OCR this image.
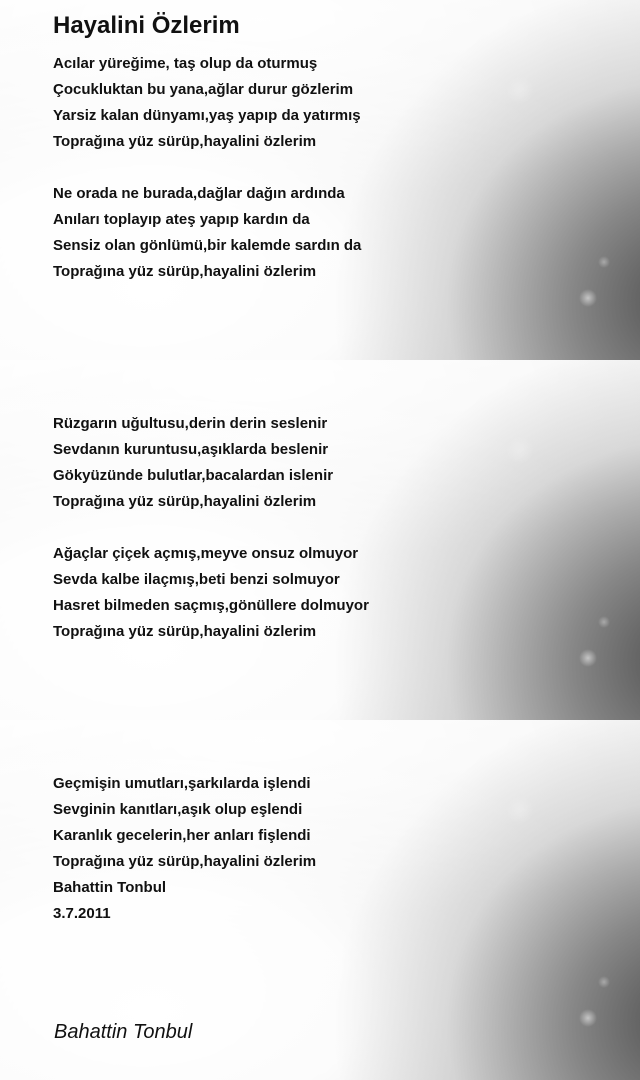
Hayalini Özlerim
Acılar yüreğime, taş olup da oturmuş
Çocukluktan bu yana,ağlar durur gözlerim
Yarsiz kalan dünyamı,yaş yapıp da yatırmış
Toprağına yüz sürüp,hayalini özlerim
Ne orada ne burada,dağlar dağın ardında
Anıları toplayıp ateş yapıp kardın da
Sensiz olan gönlümü,bir kalemde sardın da
Toprağına yüz sürüp,hayalini özlerim
Rüzgarın uğultusu,derin derin seslenir
Sevdanın kuruntusu,aşıklarda beslenir
Gökyüzünde bulutlar,bacalardan islenir
Toprağına yüz sürüp,hayalini özlerim
Ağaçlar çiçek açmış,meyve onsuz olmuyor
Sevda kalbe ilaçmış,beti benzi solmuyor
Hasret bilmeden saçmış,gönüllere dolmuyor
Toprağına yüz sürüp,hayalini özlerim
Geçmişin umutları,şarkılarda işlendi
Sevginin kanıtları,aşık olup eşlendi
Karanlık gecelerin,her anları fişlendi
Toprağına yüz sürüp,hayalini özlerim
Bahattin Tonbul
3.7.2011
Bahattin Tonbul
